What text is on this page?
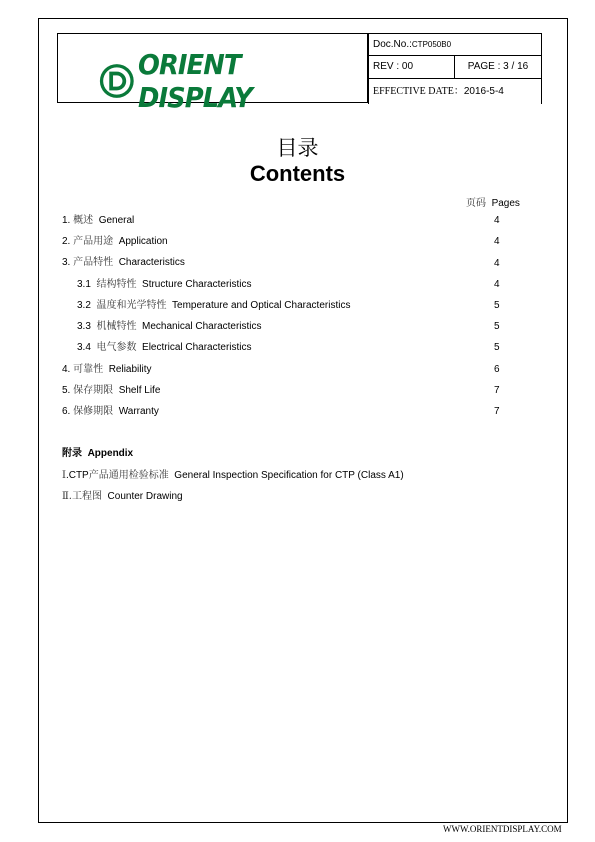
ORIENT DISPLAY
Doc.No.: CTP050B0
REV : 00	PAGE : 3 / 16
EFFECTIVE DATE： 2016-5-4
目录
Contents
页码 Pages
1. 概述 General	4
2. 产品用途 Application	4
3. 产品特性 Characteristics	4
3.1 结构特性 Structure Characteristics	4
3.2 温度和光学特性 Temperature and Optical Characteristics	5
3.3 机械特性 Mechanical Characteristics	5
3.4 电气参数 Electrical Characteristics	5
4. 可靠性 Reliability	6
5. 保存期限 Shelf Life	7
6. 保修期限 Warranty	7
附录 Appendix
Ⅰ.CTP产品通用检验标准 General Inspection Specification for CTP (Class A1)
Ⅱ.工程图 Counter Drawing
WWW.ORIENTDISPLAY.COM
